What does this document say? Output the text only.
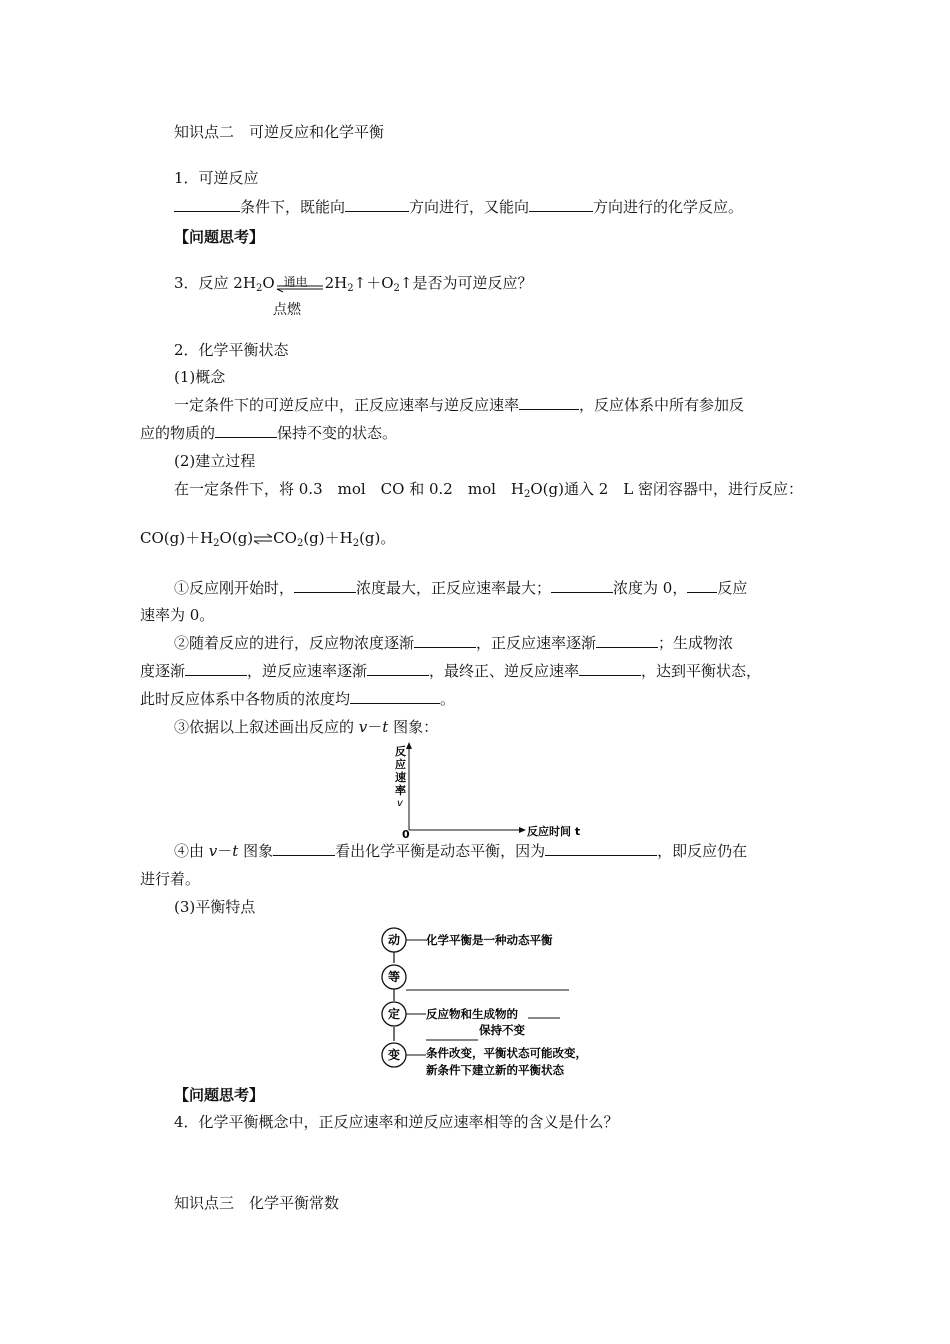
知识点二　可逆反应和化学平衡
1．可逆反应
条件下，既能向	方向进行，又能向	方向进行的化学反应。
【问题思考】
3．反应 $2H_2O$ 通电 $2H_2↑+O_2↑$是否为可逆反应？
点燃
2．化学平衡状态
(1)概念
一定条件下的可逆反应中，正反应速率与逆反应速率	，反应体系中所有参加反
应的物质的	保持不变的状态。
(2)建立过程
在一定条件下，将 0.3　mol　CO 和 0.2　mol　$H_2O(g)$通入 2　L 密闭容器中，进行反应：
$CO(g)+H_2O(g)\rightleftharpoons CO_2(g)+H_2(g)$。
①反应刚开始时，	浓度最大，正反应速率最大；	浓度为 0， 反应
速率为 0。
②随着反应的进行，反应物浓度逐渐	，正反应速率逐渐	；生成物浓
度逐渐	，逆反应速率逐渐	，最终正、逆反应速率	，达到平衡状态，
此时反应体系中各物质的浓度均	。
③依据以上叙述画出反应的 v－t 图象：
反
应
速
率
v
0	反应时间 t
④由 v－t 图象	看出化学平衡是动态平衡，因为	，即反应仍在
进行着。
(3)平衡特点
动 化学平衡是一种动态平衡
等
定 反应物和生成物的
保持不变
变 条件改变，平衡状态可能改变，
新条件下建立新的平衡状态
【问题思考】
4．化学平衡概念中，正反应速率和逆反应速率相等的含义是什么？
知识点三　化学平衡常数
